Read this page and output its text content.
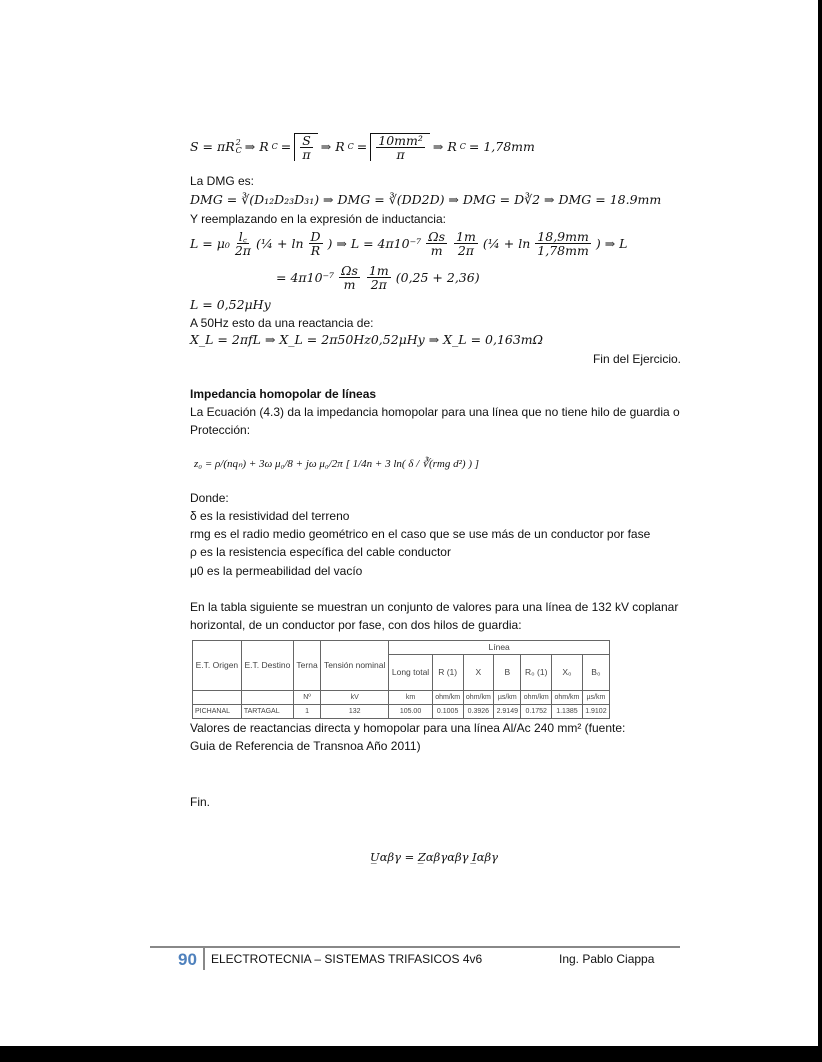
S = πR 2
C ⇒ R $C = \frac{S}{\pi}$ ⇒ R $C = \frac{\text{10mm²}}{\pi}$ ⇒ R C = 1,78mm
La DMG es:
DMG = ∛(D₁₂D₂₃D₃₁) ⇒ DMG = ∛(DD2D) ⇒ DMG = D∛2 ⇒ DMG = 18.9mm
Y reemplazando en la expresión de inductancia:
$L = \mu_0 \frac{l꜀}{2\pi}$ (¼ + $\ln \frac{D}{R}$ ) ⇒ $L = 4\pi 10^{-7} \frac{\Omega s}{m} \frac{1m}{2\pi}$ (¼ + $\ln \frac{18,9mm}{1,78mm}$ ) ⇒ L
= $4\pi 10^{-7} \frac{\Omega s}{m} \frac{1m}{2\pi} (0,25 + 2,36)$
L = 0,52μHy
A 50Hz esto da una reactancia de:
X_L = 2πfL ⇒ X_L = 2π50Hz0,52μHy ⇒ X_L = 0,163mΩ
Fin del Ejercicio.
Impedancia homopolar de líneas
La Ecuación (4.3) da la impedancia homopolar para una línea que no tiene hilo de guardia o
Protección:
z₀ = ρ/(nqₙ) + 3ω μ₀/8 + jω μ₀/2π [ 1/4n + 3 ln( δ / ∛(rmg d²) ) ]
Donde:
δ es la resistividad del terreno
rmg es el radio medio geométrico en el caso que se use más de un conductor por fase
ρ es la resistencia específica del cable conductor
μ0 es la permeabilidad del vacío
En la tabla siguiente se muestran un conjunto de valores para una línea de 132 kV coplanar
horizontal, de un conductor por fase, con dos hilos de guardia:
E.T. Origen	E.T. Destino	Terna	Tensión nominal	Línea						
				Long total	R (1)	X	B	R₀ (1)	X₀	B₀
		Nº	kV	km	ohm/km	ohm/km	µs/km	ohm/km	ohm/km	µs/km
PICHANAL	TARTAGAL	1	132	105.00	0.1005	0.3926	2.9149	0.1752	1.1385	1.9102
Valores de reactancias directa y homopolar para una línea Al/Ac 240 mm² (fuente:
Guia de Referencia de Transnoa Año 2011)
Fin.
U̲αβγ = Z̲αβγαβγ I̲αβγ
90 ELECTROTECNIA – SISTEMAS TRIFASICOS 4v6	Ing. Pablo Ciappa
